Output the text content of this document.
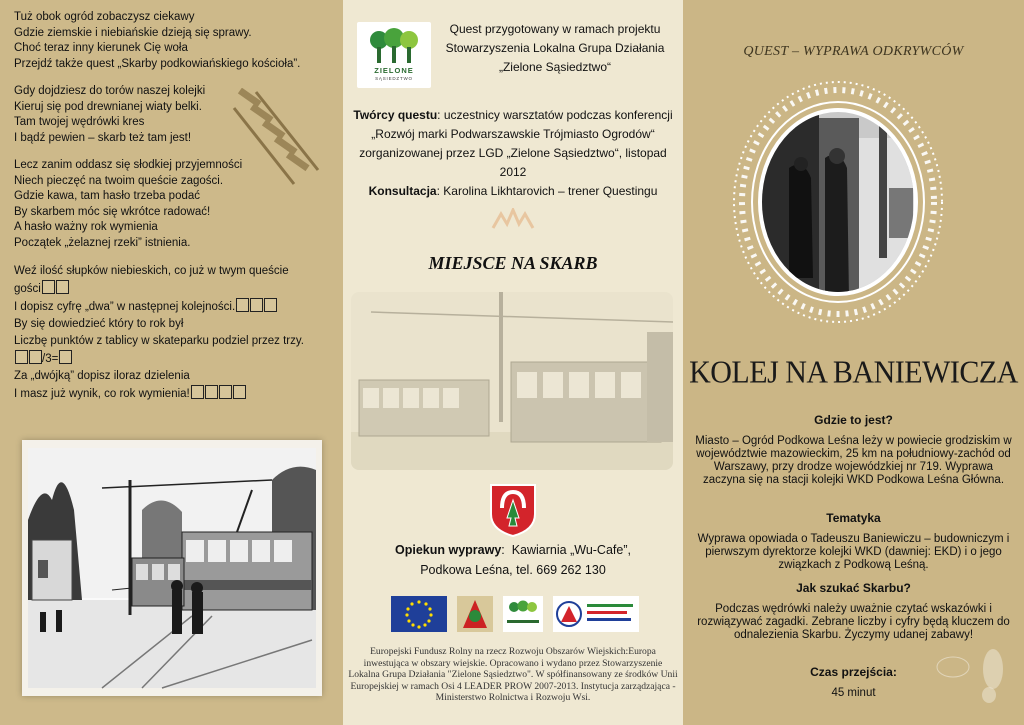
Tuż obok ogród zobaczysz ciekawy
Gdzie ziemskie i niebiańskie dzieją się sprawy.
Choć teraz inny kierunek Cię woła
Przejdź także quest „Skarby podkowiańskiego kościoła”.

Gdy dojdziesz do torów naszej kolejki
Kieruj się pod drewnianej wiaty belki.
Tam twojej wędrówki kres
I bądź pewien – skarb też tam jest!

Lecz zanim oddasz się słodkiej przyjemności
Niech pieczęć na twoim queście zagości.
Gdzie kawa, tam hasło trzeba podać
By skarbem móc się wkrótce radować!
A hasło ważny rok wymienia
Początek „żelaznej rzeki” istnienia.

Weź ilość słupków niebieskich, co już w twym queście
gości
I dopisz cyfrę „dwa” w następnej kolejności.
By się dowiedzieć który to rok był
Liczbę punktów z tablicy w skateparku podziel przez trzy.
/3=
Za „dwójką” dopisz iloraz dzielenia
I masz już wynik, co rok wymienia!

ZIELONE
SĄSIEDZTWO
Quest przygotowany w ramach projektu
Stowarzyszenia Lokalna Grupa Działania
„Zielone Sąsiedztwo“
Twórcy questu: uczestnicy warsztatów podczas konferencji „Rozwój marki Podwarszawskie Trójmiasto Ogrodów“ zorganizowanej przez LGD „Zielone Sąsiedztwo“, listopad 2012
Konsultacja: Karolina Likhtarovich – trener Questingu
MIEJSCE NA SKARB
Opiekun wyprawy:  Kawiarnia „Wu-Cafe”,
Podkowa Leśna, tel. 669 262 130
Europejski Fundusz Rolny na rzecz Rozwoju Obszarów Wiejskich:Europa inwestująca w obszary wiejskie. Opracowano i wydano przez Stowarzyszenie Lokalna Grupa Działania "Zielone Sąsiedztwo". W spółfinansowany ze środków Unii Europejskiej w ramach Osi 4 LEADER PROW 2007-2013. Instytucja zarządzająca - Ministerstwo Rolnictwa i Rozwoju Wsi.
QUEST – WYPRAWA ODKRYWCÓW
KOLEJ NA BANIEWICZA
Gdzie to jest?
Miasto – Ogród Podkowa Leśna leży w powiecie grodziskim w województwie mazowieckim, 25 km na południowy-zachód od Warszawy, przy drodze wojewódzkiej nr 719. Wyprawa zaczyna się na stacji kolejki WKD Podkowa Leśna Główna.
Tematyka
Wyprawa opowiada o Tadeuszu Baniewiczu – budowniczym i pierwszym dyrektorze kolejki WKD (dawniej: EKD) i o jego związkach z Podkową Leśną.
Jak szukać Skarbu?
Podczas wędrówki należy uważnie czytać wskazówki i rozwiązywać zagadki. Zebrane liczby i cyfry będą kluczem do odnalezienia Skarbu. Życzymy udanej zabawy!
Czas przejścia:
45 minut
